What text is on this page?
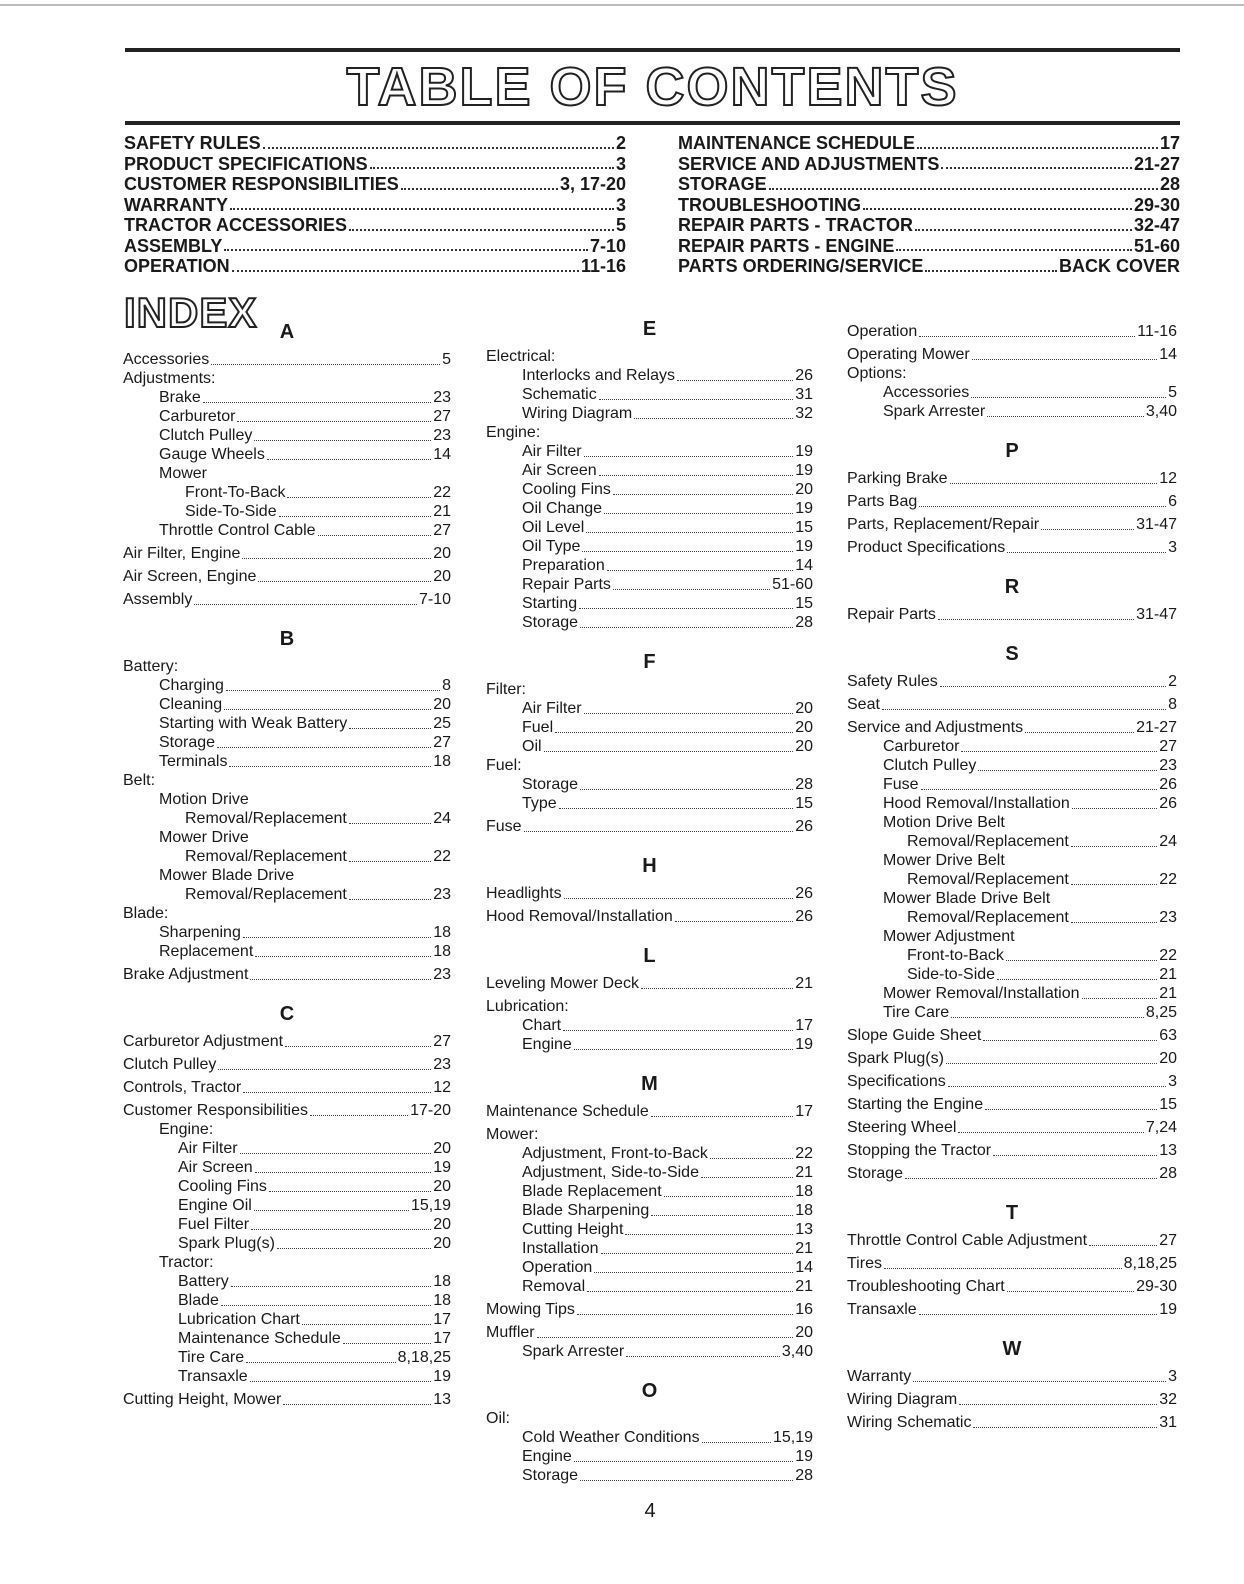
TABLE OF CONTENTS
SAFETY RULES	2
PRODUCT SPECIFICATIONS	3
CUSTOMER RESPONSIBILITIES	3, 17-20
WARRANTY	3
TRACTOR ACCESSORIES	5
ASSEMBLY	7-10
OPERATION	11-16
MAINTENANCE SCHEDULE	17
SERVICE AND ADJUSTMENTS	21-27
STORAGE	28
TROUBLESHOOTING	29-30
REPAIR PARTS - TRACTOR	32-47
REPAIR PARTS - ENGINE	51-60
PARTS ORDERING/SERVICE	BACK COVER
INDEX	A
Accessories	5
Adjustments:
Brake	23
Carburetor	27
Clutch Pulley	23
Gauge Wheels	14
Mower
Front-To-Back	22
Side-To-Side	21
Throttle Control Cable	27
Air Filter, Engine	20
Air Screen, Engine	20
Assembly	7-10
B
Battery:
Charging	8
Cleaning	20
Starting with Weak Battery	25
Storage	27
Terminals	18
Belt:
Motion Drive
Removal/Replacement	24
Mower Drive
Removal/Replacement	22
Mower Blade Drive
Removal/Replacement	23
Blade:
Sharpening	18
Replacement	18
Brake Adjustment	23
C
Carburetor Adjustment	27
Clutch Pulley	23
Controls, Tractor	12
Customer Responsibilities	17-20
Engine:
Air Filter	20
Air Screen	19
Cooling Fins	20
Engine Oil	15,19
Fuel Filter	20
Spark Plug(s)	20
Tractor:
Battery	18
Blade	18
Lubrication Chart	17
Maintenance Schedule	17
Tire Care	8,18,25
Transaxle	19
Cutting Height, Mower	13
E
Electrical:
Interlocks and Relays	26
Schematic	31
Wiring Diagram	32
Engine:
Air Filter	19
Air Screen	19
Cooling Fins	20
Oil Change	19
Oil Level	15
Oil Type	19
Preparation	14
Repair Parts	51-60
Starting	15
Storage	28
F
Filter:
Air Filter	20
Fuel	20
Oil	20
Fuel:
Storage	28
Type	15
Fuse	26
H
Headlights	26
Hood Removal/Installation	26
L
Leveling Mower Deck	21
Lubrication:
Chart	17
Engine	19
M
Maintenance Schedule	17
Mower:
Adjustment, Front-to-Back	22
Adjustment, Side-to-Side	21
Blade Replacement	18
Blade Sharpening	18
Cutting Height	13
Installation	21
Operation	14
Removal	21
Mowing Tips	16
Muffler	20
Spark Arrester	3,40
O
Oil:
Cold Weather Conditions	15,19
Engine	19
Storage	28
Operation	11-16
Operating Mower	14
Options:
Accessories	5
Spark Arrester	3,40
P
Parking Brake	12
Parts Bag	6
Parts, Replacement/Repair	31-47
Product Specifications	3
R
Repair Parts	31-47
S
Safety Rules	2
Seat	8
Service and Adjustments	21-27
Carburetor	27
Clutch Pulley	23
Fuse	26
Hood Removal/Installation	26
Motion Drive Belt
Removal/Replacement	24
Mower Drive Belt
Removal/Replacement	22
Mower Blade Drive Belt
Removal/Replacement	23
Mower Adjustment
Front-to-Back	22
Side-to-Side	21
Mower Removal/Installation	21
Tire Care	8,25
Slope Guide Sheet	63
Spark Plug(s)	20
Specifications	3
Starting the Engine	15
Steering Wheel	7,24
Stopping the Tractor	13
Storage	28
T
Throttle Control Cable Adjustment	27
Tires	8,18,25
Troubleshooting Chart	29-30
Transaxle	19
W
Warranty	3
Wiring Diagram	32
Wiring Schematic	31
4
